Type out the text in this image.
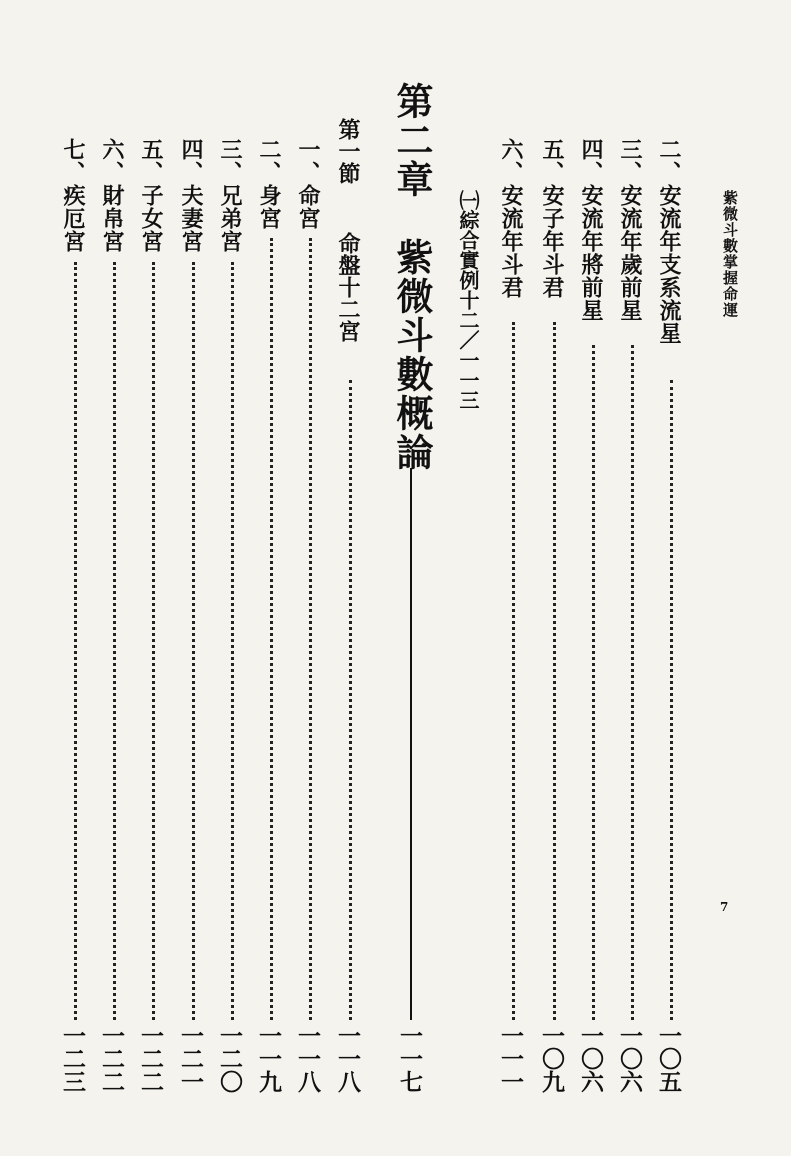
紫微斗數掌握命運
二、安流年支系流星
一〇五
三、安流年歲前星
一〇六
四、安流年將前星
一〇六
五、安子年斗君
一〇九
六、安流年斗君
一一一
㈠綜合實例十二／一一三
第二章
紫微斗數概論
一一七
第一節
命盤十二宮
一一八
一、命宮
一一八
二、身宮
一一九
三、兄弟宮
一二〇
四、夫妻宮
一二一
五、子女宮
一二二
六、財帛宮
一二二
七、疾厄宮
一二三
7
